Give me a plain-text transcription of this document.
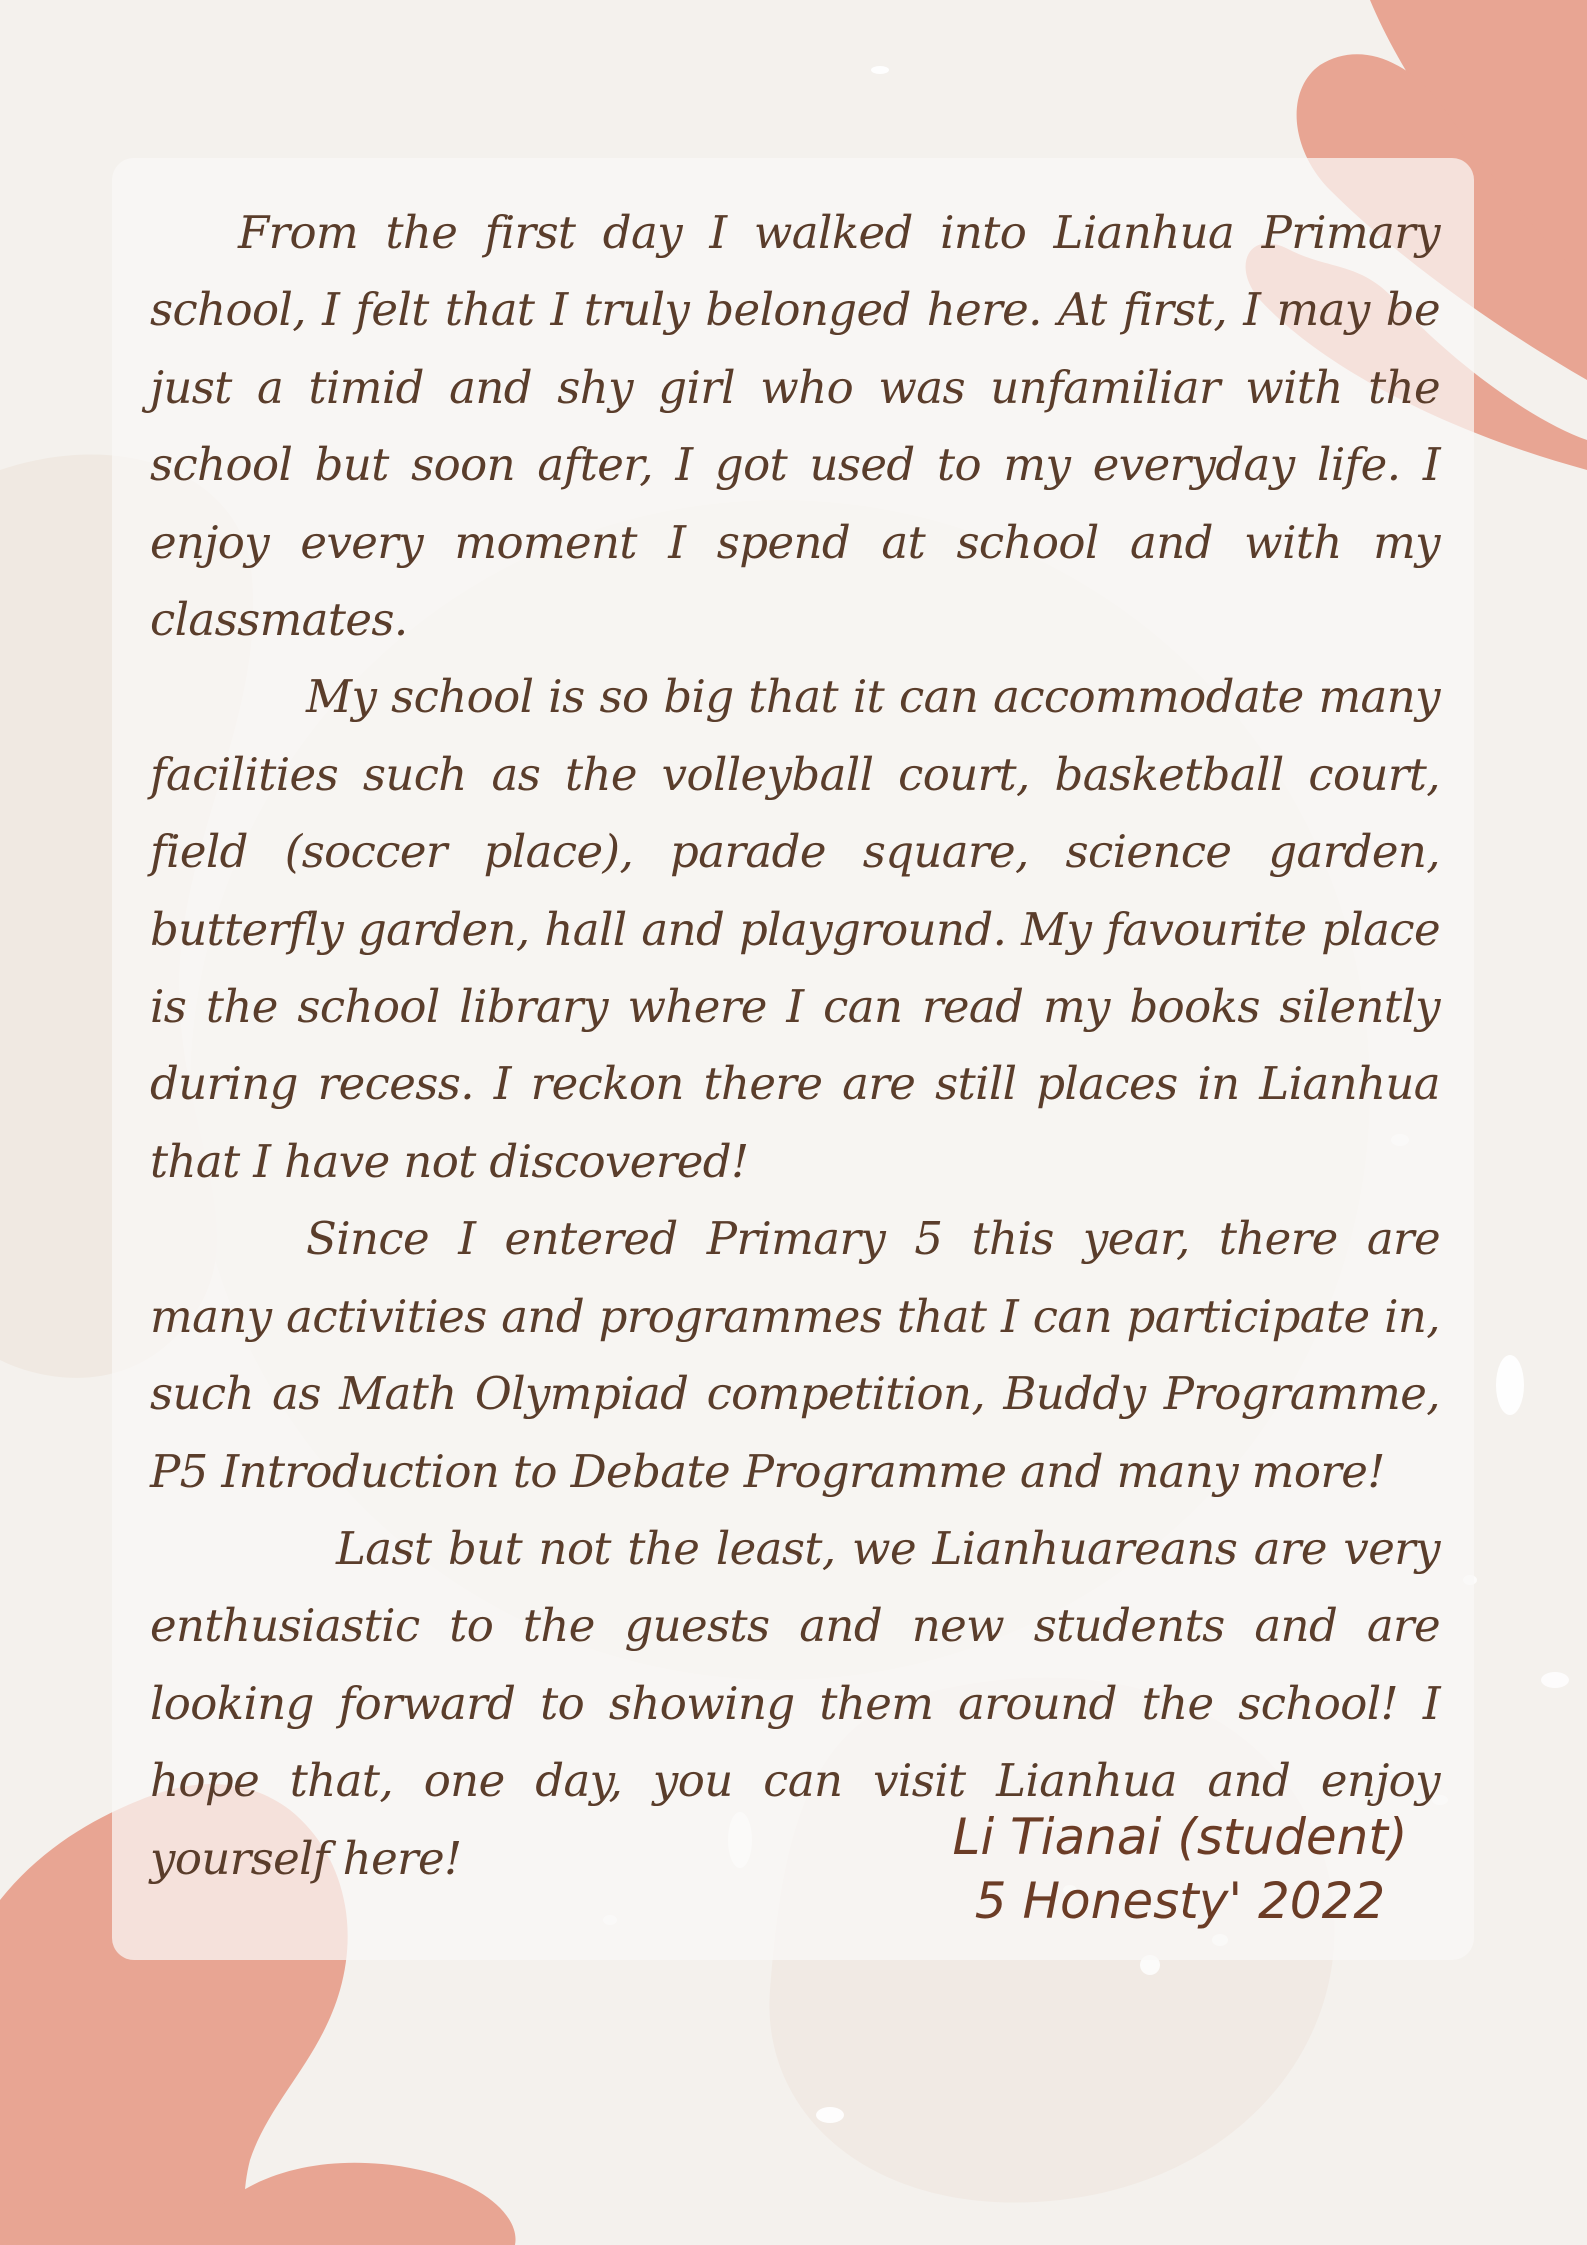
From the first day I walked into Lianhua Primary school, I felt that I truly belonged here. At first, I may be just a timid and shy girl who was unfamiliar with the school but soon after, I got used to my everyday life. I enjoy every moment I spend at school and with my classmates.

My school is so big that it can accommodate many facilities such as the volleyball court, basketball court, field (soccer place), parade square, science garden, butterfly garden, hall and playground. My favourite place is the school library where I can read my books silently during recess. I reckon there are still places in Lianhua that I have not discovered!

Since I entered Primary 5 this year, there are many activities and programmes that I can participate in, such as Math Olympiad competition, Buddy Programme, P5 Introduction to Debate Programme and many more!

Last but not the least, we Lianhuareans are very enthusiastic to the guests and new students and are looking forward to showing them around the school! I hope that, one day, you can visit Lianhua and enjoy yourself here!	Li Tianai (student)
5 Honesty' 2022
